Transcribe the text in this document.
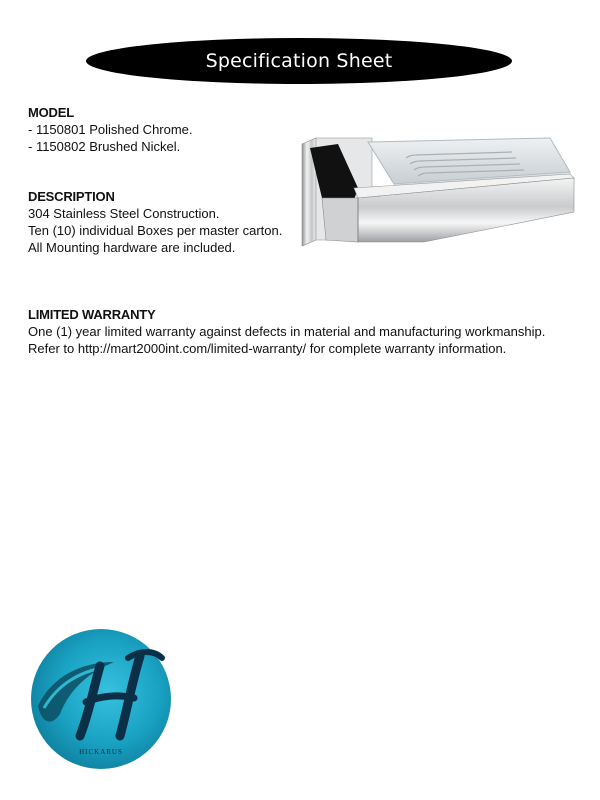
Specification Sheet
MODEL
- 1150801 Polished Chrome.
- 1150802 Brushed Nickel.
DESCRIPTION
304 Stainless Steel Construction.
Ten (10) individual Boxes per master carton.
All Mounting hardware are included.
LIMITED WARRANTY
One (1) year limited warranty against defects in material and manufacturing workmanship.
Refer to http://mart2000int.com/limited-warranty/ for complete warranty information.
HICKARUS
